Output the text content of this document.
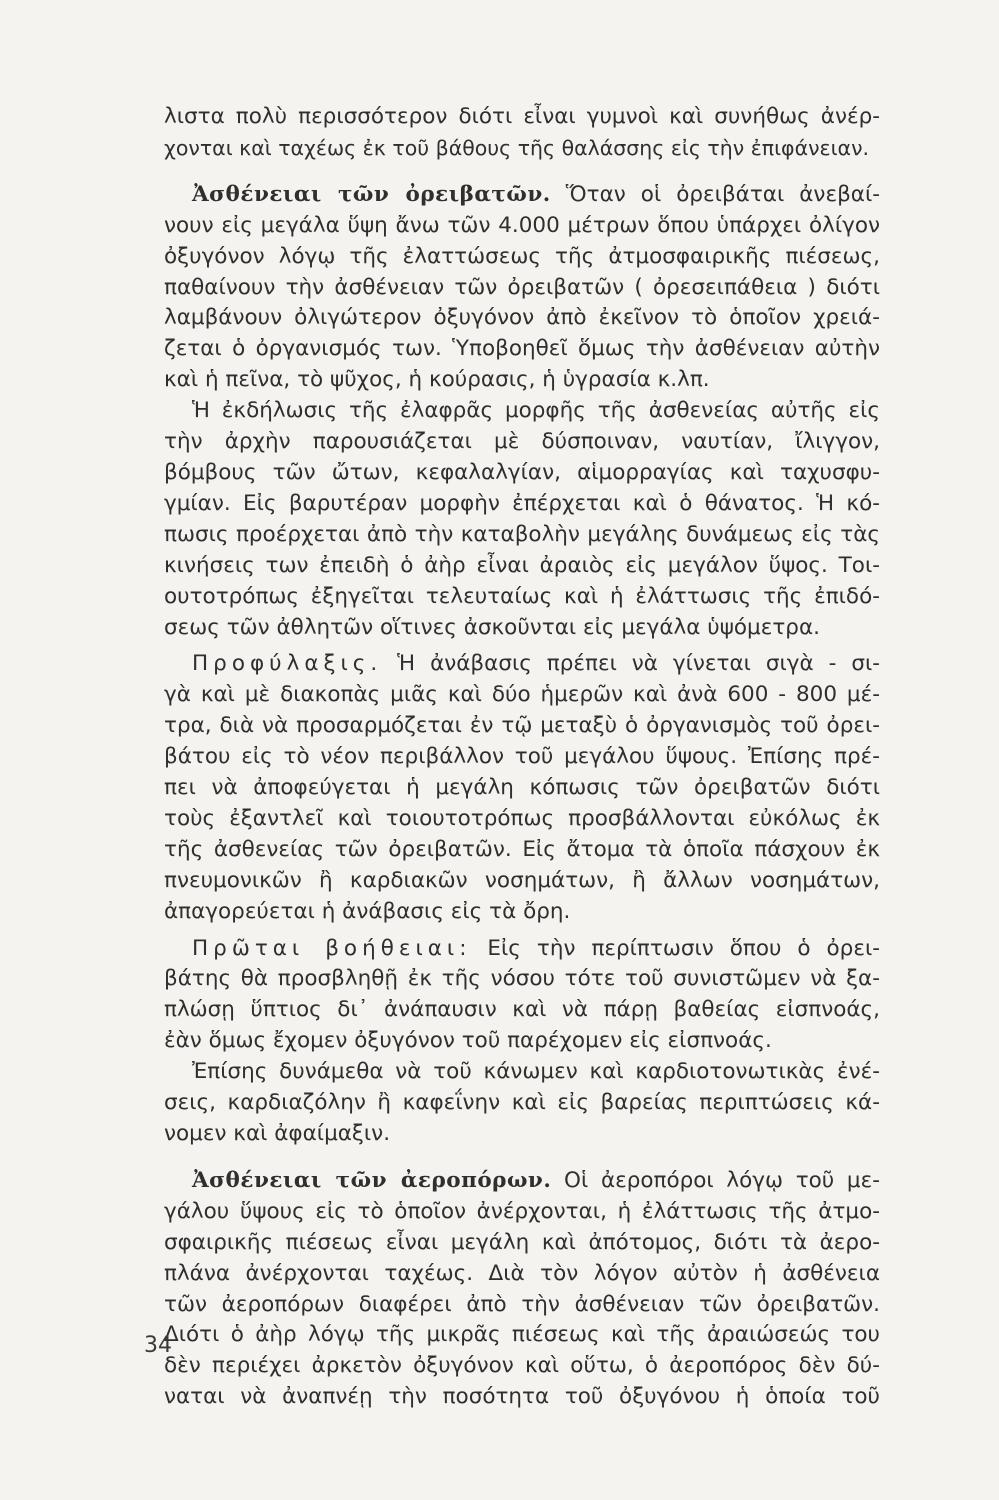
λιστα πολὺ περισσότερον διότι εἶναι γυμνοὶ καὶ συνήθως ἀνέρ-
χονται καὶ ταχέως ἐκ τοῦ βάθους τῆς θαλάσσης εἰς τὴν ἐπιφάνειαν.

Ἀσθένειαι τῶν ὀρειβατῶν. Ὅταν οἱ ὀρειβάται ἀνεβαί-
νουν εἰς μεγάλα ὕψη ἄνω τῶν 4.000 μέτρων ὅπου ὑπάρχει ὀλίγον
ὀξυγόνον λόγῳ τῆς ἐλαττώσεως τῆς ἀτμοσφαιρικῆς πιέσεως,
παθαίνουν τὴν ἀσθένειαν τῶν ὀρειβατῶν ( ὀρεσειπάθεια ) διότι
λαμβάνουν ὀλιγώτερον ὀξυγόνον ἀπὸ ἐκεῖνον τὸ ὁποῖον χρειά-
ζεται ὁ ὀργανισμός των. Ὑποβοηθεῖ ὅμως τὴν ἀσθένειαν αὐτὴν
καὶ ἡ πεῖνα, τὸ ψῦχος, ἡ κούρασις, ἡ ὑγρασία κ.λπ.

Ἡ ἐκδήλωσις τῆς ἐλαφρᾶς μορφῆς τῆς ἀσθενείας αὐτῆς εἰς
τὴν ἀρχὴν παρουσιάζεται μὲ δύσποιναν, ναυτίαν, ἴλιγγον,
βόμβους τῶν ὤτων, κεφαλαλγίαν, αἱμορραγίας καὶ ταχυσφυ-
γμίαν. Εἰς βαρυτέραν μορφὴν ἐπέρχεται καὶ ὁ θάνατος. Ἡ κό-
πωσις προέρχεται ἀπὸ τὴν καταβολὴν μεγάλης δυνάμεως εἰς τὰς
κινήσεις των ἐπειδὴ ὁ ἀὴρ εἶναι ἀραιὸς εἰς μεγάλον ὕψος. Τοι-
ουτοτρόπως ἐξηγεῖται τελευταίως καὶ ἡ ἐλάττωσις τῆς ἐπιδό-
σεως τῶν ἀθλητῶν οἵτινες ἀσκοῦνται εἰς μεγάλα ὑψόμετρα.

Προφύλαξις. Ἡ ἀνάβασις πρέπει νὰ γίνεται σιγὰ - σι-
γὰ καὶ μὲ διακοπὰς μιᾶς καὶ δύο ἡμερῶν καὶ ἀνὰ 600 - 800 μέ-
τρα, διὰ νὰ προσαρμόζεται ἐν τῷ μεταξὺ ὁ ὀργανισμὸς τοῦ ὀρει-
βάτου εἰς τὸ νέον περιβάλλον τοῦ μεγάλου ὕψους. Ἐπίσης πρέ-
πει νὰ ἀποφεύγεται ἡ μεγάλη κόπωσις τῶν ὀρειβατῶν διότι
τοὺς ἐξαντλεῖ καὶ τοιουτοτρόπως προσβάλλονται εὐκόλως ἐκ
τῆς ἀσθενείας τῶν ὀρειβατῶν. Εἰς ἄτομα τὰ ὁποῖα πάσχουν ἐκ
πνευμονικῶν ἢ καρδιακῶν νοσημάτων, ἢ ἄλλων νοσημάτων,
ἀπαγορεύεται ἡ ἀνάβασις εἰς τὰ ὄρη.

Πρῶται βοήθειαι: Εἰς τὴν περίπτωσιν ὅπου ὁ ὀρει-
βάτης θὰ προσβληθῇ ἐκ τῆς νόσου τότε τοῦ συνιστῶμεν νὰ ξα-
πλώσῃ ὕπτιος δι᾿ ἀνάπαυσιν καὶ νὰ πάρῃ βαθείας εἰσπνοάς,
ἐὰν ὅμως ἔχομεν ὀξυγόνον τοῦ παρέχομεν εἰς εἰσπνοάς.

Ἐπίσης δυνάμεθα νὰ τοῦ κάνωμεν καὶ καρδιοτονωτικὰς ἐνέ-
σεις, καρδιαζόλην ἢ καφεΐνην καὶ εἰς βαρείας περιπτώσεις κά-
νομεν καὶ ἀφαίμαξιν.

Ἀσθένειαι τῶν ἀεροπόρων. Οἱ ἀεροπόροι λόγῳ τοῦ με-
γάλου ὕψους εἰς τὸ ὁποῖον ἀνέρχονται, ἡ ἐλάττωσις τῆς ἀτμο-
σφαιρικῆς πιέσεως εἶναι μεγάλη καὶ ἀπότομος, διότι τὰ ἀερο-
πλάνα ἀνέρχονται ταχέως. Διὰ τὸν λόγον αὐτὸν ἡ ἀσθένεια
τῶν ἀεροπόρων διαφέρει ἀπὸ τὴν ἀσθένειαν τῶν ὀρειβατῶν.
Διότι ὁ ἀὴρ λόγῳ τῆς μικρᾶς πιέσεως καὶ τῆς ἀραιώσεώς του
δὲν περιέχει ἀρκετὸν ὀξυγόνον καὶ οὕτω, ὁ ἀεροπόρος δὲν δύ-
ναται νὰ ἀναπνέῃ τὴν ποσότητα τοῦ ὀξυγόνου ἡ ὁποία τοῦ

34
